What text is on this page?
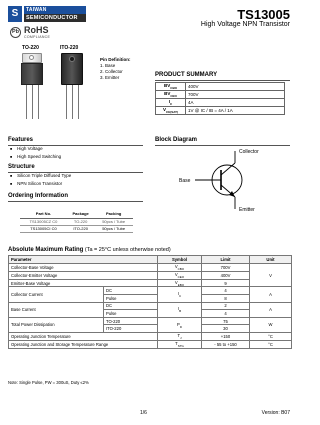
S	TAIWAN
SEMICONDUCTOR
Pb RoHS
COMPLIANCE
TS13005
High Voltage NPN Transistor
TO-220	ITO-220
Pin Definition:
1. Base
2. Collector
3. Emitter	PRODUCT SUMMARY
$BV_{CBO}$	400V
$BV_{CEO}$	700V
$I_C$	4A
$V_{CE(SAT)}$	1V @ IC / IB = 4A / 1A
Features
■ High Voltage
■ High Speed Switching
Structure
■ Silicon Triple Diffused Type
■ NPN Silicon Transistor
Block Diagram
Collector
Base
Emitter
Ordering Information
Part No.	Package	Packing
TS13005CZ C0	TO-220	50pcs / Tube
TS13005CI C0	ITO-220	50pcs / Tube
Absolute Maximum Rating (Ta = 25°C unless otherwise noted)
Parameter		Symbol	Limit	Unit
Collector-Base Voltage		$V_{CBO}$	700V	V
Collector-Emitter Voltage		$V_{CEO}$	400V	
Emitter-Base Voltage		$V_{EBO}$	9	
Collector Current	DC	$I_C$	4	A
	Pulse		8	
Base Current	DC	$I_B$	2	A
	Pulse		4	
Total Power Dissipation	TO-220	$P_D$	75	W
	ITO-220		30	
Operating Junction Temperature		$T_J$	+150	°C
Operating Junction and Storage Temperature Range		$T_{STG}$	- 55 to +150	°C
Note: Single Pulse, PW = 300uS, Duty ≤2%
1/6	Version: B07
